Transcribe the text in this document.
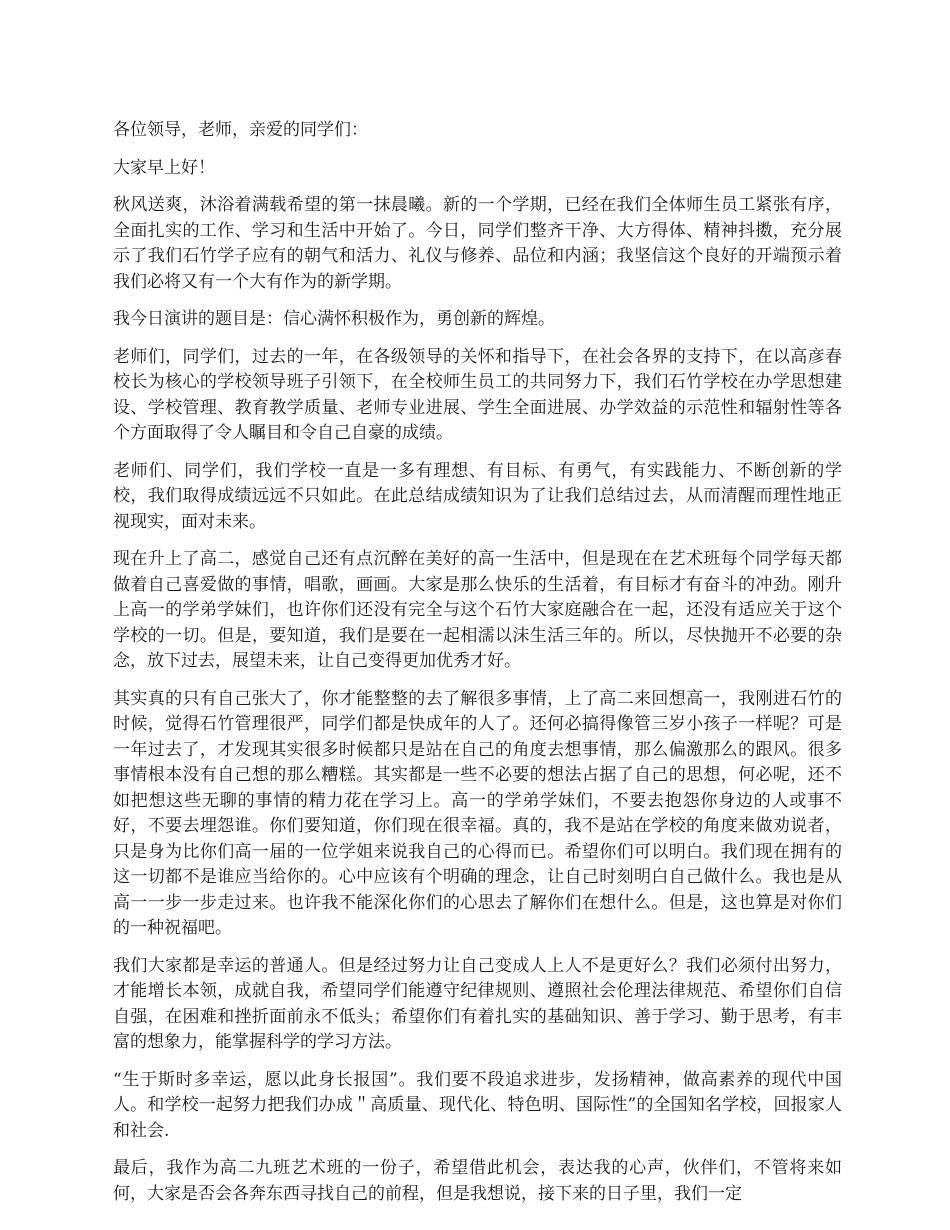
各位领导，老师，亲爱的同学们：

大家早上好！

秋风送爽，沐浴着满载希望的第一抹晨曦。新的一个学期，已经在我们全体师生员工紧张有序，全面扎实的工作、学习和生活中开始了。今日，同学们整齐干净、大方得体、精神抖擞，充分展示了我们石竹学子应有的朝气和活力、礼仪与修养、品位和内涵；我坚信这个良好的开端预示着我们必将又有一个大有作为的新学期。

我今日演讲的题目是：信心满怀积极作为，勇创新的辉煌。

老师们，同学们，过去的一年，在各级领导的关怀和指导下，在社会各界的支持下，在以高彦春校长为核心的学校领导班子引领下，在全校师生员工的共同努力下，我们石竹学校在办学思想建设、学校管理、教育教学质量、老师专业进展、学生全面进展、办学效益的示范性和辐射性等各个方面取得了令人瞩目和令自己自豪的成绩。

老师们、同学们，我们学校一直是一多有理想、有目标、有勇气，有实践能力、不断创新的学校，我们取得成绩远远不只如此。在此总结成绩知识为了让我们总结过去，从而清醒而理性地正视现实，面对未来。

现在升上了高二，感觉自己还有点沉醉在美好的高一生活中，但是现在在艺术班每个同学每天都做着自己喜爱做的事情，唱歌，画画。大家是那么快乐的生活着，有目标才有奋斗的冲劲。刚升上高一的学弟学妹们，也许你们还没有完全与这个石竹大家庭融合在一起，还没有适应关于这个学校的一切。但是，要知道，我们是要在一起相濡以沫生活三年的。所以，尽快抛开不必要的杂念，放下过去，展望未来，让自己变得更加优秀才好。

其实真的只有自己张大了，你才能整整的去了解很多事情，上了高二来回想高一，我刚进石竹的时候，觉得石竹管理很严，同学们都是快成年的人了。还何必搞得像管三岁小孩子一样呢？可是一年过去了，才发现其实很多时候都只是站在自己的角度去想事情，那么偏激那么的跟风。很多事情根本没有自己想的那么糟糕。其实都是一些不必要的想法占据了自己的思想，何必呢，还不如把想这些无聊的事情的精力花在学习上。高一的学弟学妹们，不要去抱怨你身边的人或事不好，不要去埋怨谁。你们要知道，你们现在很幸福。真的，我不是站在学校的角度来做劝说者，只是身为比你们高一届的一位学姐来说我自己的心得而已。希望你们可以明白。我们现在拥有的这一切都不是谁应当给你的。心中应该有个明确的理念，让自己时刻明白自己做什么。我也是从高一一步一步走过来。也许我不能深化你们的心思去了解你们在想什么。但是，这也算是对你们的一种祝福吧。

我们大家都是幸运的普通人。但是经过努力让自己变成人上人不是更好么？我们必须付出努力，才能增长本领，成就自我，希望同学们能遵守纪律规则、遵照社会伦理法律规范、希望你们自信自强，在困难和挫折面前永不低头；希望你们有着扎实的基础知识、善于学习、勤于思考，有丰富的想象力，能掌握科学的学习方法。

“生于斯时多幸运，愿以此身长报国”。我们要不段追求进步，发扬精神，做高素养的现代中国人。和学校一起努力把我们办成＂高质量、现代化、特色明、国际性”的全国知名学校，回报家人和社会.

最后，我作为高二九班艺术班的一份子，希望借此机会，表达我的心声，伙伴们，不管将来如何，大家是否会各奔东西寻找自己的前程，但是我想说，接下来的日子里，我们一定
